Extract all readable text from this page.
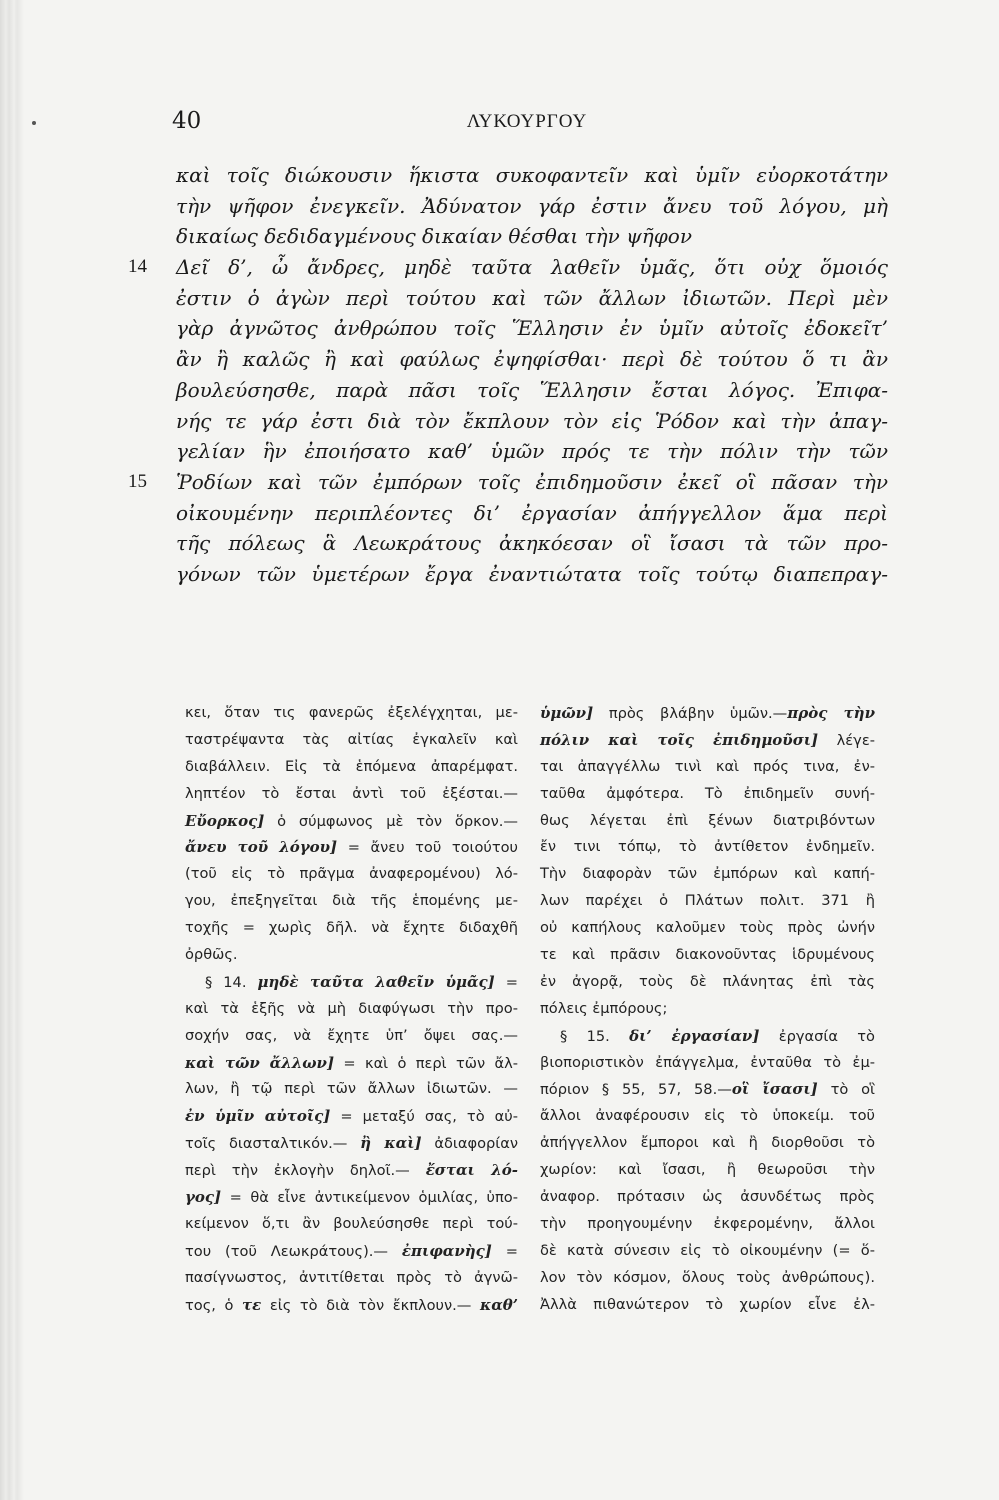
40	ΛΥΚΟΥΡΓΟΥ
καὶ τοῖς διώκουσιν ἥκιστα συκοφαντεῖν καὶ ὑμῖν εὐορκοτάτην
τὴν ψῆφον ἐνεγκεῖν. Ἀδύνατον γάρ ἐστιν ἄνευ τοῦ λόγου, μὴ
δικαίως δεδιδαγμένους δικαίαν θέσθαι τὴν ψῆφον
14 Δεῖ δ’, ὦ ἄνδρες, μηδὲ ταῦτα λαθεῖν ὑμᾶς, ὅτι οὐχ ὅμοιός
ἐστιν ὁ ἀγὼν περὶ τούτου καὶ τῶν ἄλλων ἰδιωτῶν. Περὶ μὲν
γὰρ ἀγνῶτος ἀνθρώπου τοῖς Ἕλλησιν ἐν ὑμῖν αὐτοῖς ἐδοκεῖτ’
ἂν ἢ καλῶς ἢ καὶ φαύλως ἐψηφίσθαι· περὶ δὲ τούτου ὅ τι ἂν
βουλεύσησθε, παρὰ πᾶσι τοῖς Ἕλλησιν ἔσται λόγος. Ἐπιφα-
νής τε γάρ ἐστι διὰ τὸν ἔκπλουν τὸν εἰς Ῥόδον καὶ τὴν ἀπαγ-
γελίαν ἣν ἐποιήσατο καθ’ ὑμῶν πρός τε τὴν πόλιν τὴν τῶν
15 Ῥοδίων καὶ τῶν ἐμπόρων τοῖς ἐπιδημοῦσιν ἐκεῖ οἳ πᾶσαν τὴν
οἰκουμένην περιπλέοντες δι’ ἐργασίαν ἀπήγγελλον ἅμα περὶ
τῆς πόλεως ἃ Λεωκράτους ἀκηκόεσαν οἳ ἴσασι τὰ τῶν προ-
γόνων τῶν ὑμετέρων ἔργα ἐναντιώτατα τοῖς τούτῳ διαπεπραγ-
κει, ὅταν τις φανερῶς ἐξελέγχηται, με-
ταστρέψαντα τὰς αἰτίας ἐγκαλεῖν καὶ
διαβάλλειν. Εἰς τὰ ἑπόμενα ἀπαρέμφατ.
ληπτέον τὸ ἔσται ἀντὶ τοῦ ἐξέσται.—
Εὔορκος] ὁ σύμφωνος μὲ τὸν ὅρκον.—
ἄνευ τοῦ λόγου] = ἄνευ τοῦ τοιούτου
(τοῦ εἰς τὸ πρᾶγμα ἀναφερομένου) λό-
γου, ἐπεξηγεῖται διὰ τῆς ἑπομένης με-
τοχῆς = χωρὶς δῆλ. νὰ ἔχητε διδαχθῆ
ὀρθῶς.
§ 14. μηδὲ ταῦτα λαθεῖν ὑμᾶς] =
καὶ τὰ ἑξῆς νὰ μὴ διαφύγωσι τὴν προ-
σοχήν σας, νὰ ἔχητε ὑπ’ ὄψει σας.—
καὶ τῶν ἄλλων] = καὶ ὁ περὶ τῶν ἄλ-
λων, ἢ τῷ περὶ τῶν ἄλλων ἰδιωτῶν. —
ἐν ὑμῖν αὐτοῖς] = μεταξύ σας, τὸ αὐ-
τοῖς διασταλτικόν.— ἢ καὶ] ἀδιαφορίαν
περὶ τὴν ἐκλογὴν δηλοῖ.— ἔσται λό-
γος] = θὰ εἶνε ἀντικείμενον ὁμιλίας, ὑπο-
κείμενον ὅ,τι ἂν βουλεύσησθε περὶ τού-
του (τοῦ Λεωκράτους).— ἐπιφανὴς] =
πασίγνωστος, ἀντιτίθεται πρὸς τὸ ἀγνῶ-
τος, ὁ τε εἰς τὸ διὰ τὸν ἔκπλουν.— καθ’
ὑμῶν] πρὸς βλάβην ὑμῶν.—πρὸς τὴν
πόλιν καὶ τοῖς ἐπιδημοῦσι] λέγε-
ται ἀπαγγέλλω τινὶ καὶ πρός τινα, ἐν-
ταῦθα ἀμφότερα. Τὸ ἐπιδημεῖν συνή-
θως λέγεται ἐπὶ ξένων διατριβόντων
ἔν τινι τόπῳ, τὸ ἀντίθετον ἐνδημεῖν.
Τὴν διαφορὰν τῶν ἐμπόρων καὶ καπή-
λων παρέχει ὁ Πλάτων πολιτ. 371 ἢ
οὐ καπήλους καλοῦμεν τοὺς πρὸς ὠνήν
τε καὶ πρᾶσιν διακονοῦντας ἱδρυμένους
ἐν ἀγορᾷ, τοὺς δὲ πλάνητας ἐπὶ τὰς
πόλεις ἐμπόρους;
§ 15. δι’ ἐργασίαν] ἐργασία τὸ
βιοποριστικὸν ἐπάγγελμα, ἐνταῦθα τὸ ἐμ-
πόριον § 55, 57, 58.—οἳ ἴσασι] τὸ οἳ
ἄλλοι ἀναφέρουσιν εἰς τὸ ὑποκείμ. τοῦ
ἀπήγγελλον ἔμποροι καὶ ἢ διορθοῦσι τὸ
χωρίον: καὶ ἴσασι, ἢ θεωροῦσι τὴν
ἀναφορ. πρότασιν ὡς ἀσυνδέτως πρὸς
τὴν προηγουμένην ἐκφερομένην, ἄλλοι
δὲ κατὰ σύνεσιν εἰς τὸ οἰκουμένην (= ὅ-
λον τὸν κόσμον, ὅλους τοὺς ἀνθρώπους).
Ἀλλὰ πιθανώτερον τὸ χωρίον εἶνε ἐλ-
